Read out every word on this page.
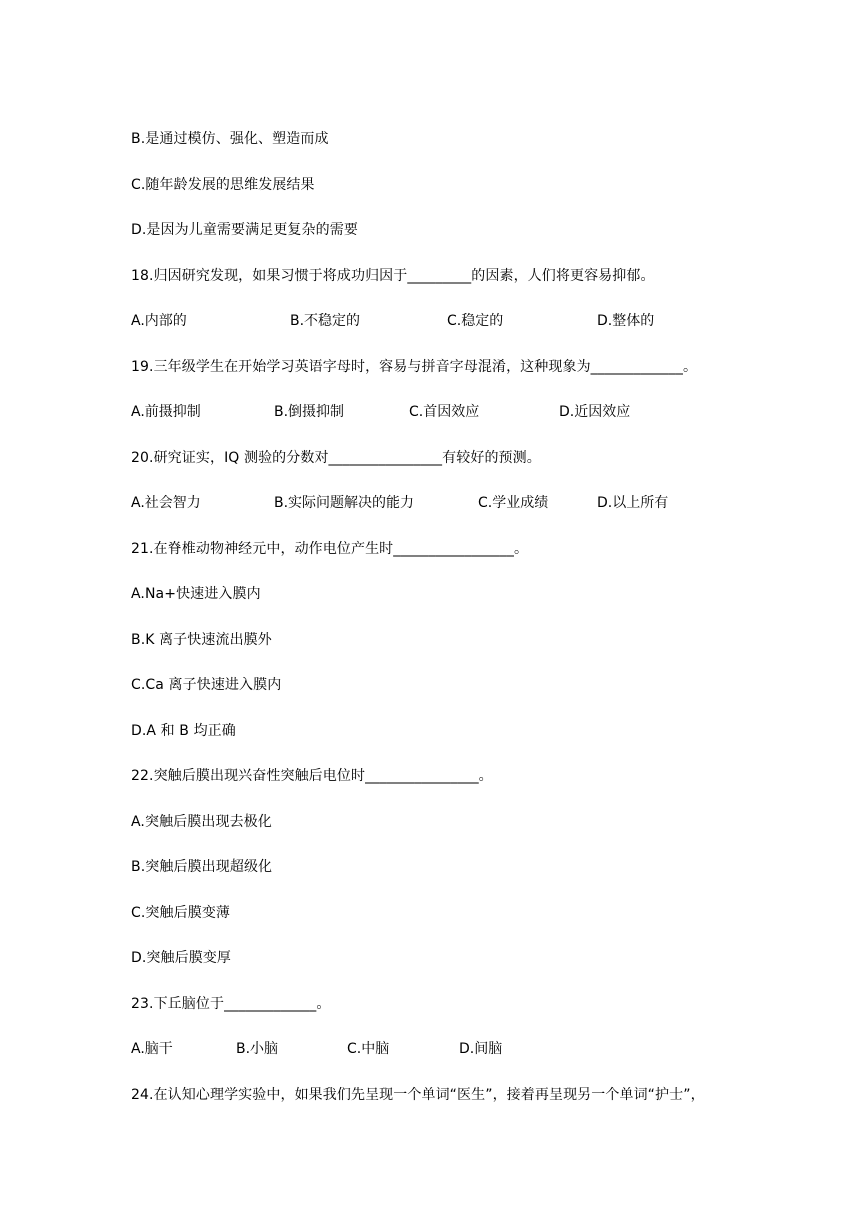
B.是通过模仿、强化、塑造而成
C.随年龄发展的思维发展结果
D.是因为儿童需要满足更复杂的需要
18.归因研究发现，如果习惯于将成功归因于_________的因素，人们将更容易抑郁。
A.内部的	B.不稳定的	C.稳定的	D.整体的
19.三年级学生在开始学习英语字母时，容易与拼音字母混淆，这种现象为_____________。
A.前摄抑制	B.倒摄抑制	C.首因效应	D.近因效应
20.研究证实，IQ 测验的分数对________________有较好的预测。
A.社会智力	B.实际问题解决的能力	C.学业成绩	D.以上所有
21.在脊椎动物神经元中，动作电位产生时_________________。
A.Na+快速进入膜内
B.K 离子快速流出膜外
C.Ca 离子快速进入膜内
D.A 和 B 均正确
22.突触后膜出现兴奋性突触后电位时________________。
A.突触后膜出现去极化
B.突触后膜出现超级化
C.突触后膜变薄
D.突触后膜变厚
23.下丘脑位于_____________。
A.脑干	B.小脑	C.中脑	D.间脑
24.在认知心理学实验中，如果我们先呈现一个单词“医生”，接着再呈现另一个单词“护士”，
